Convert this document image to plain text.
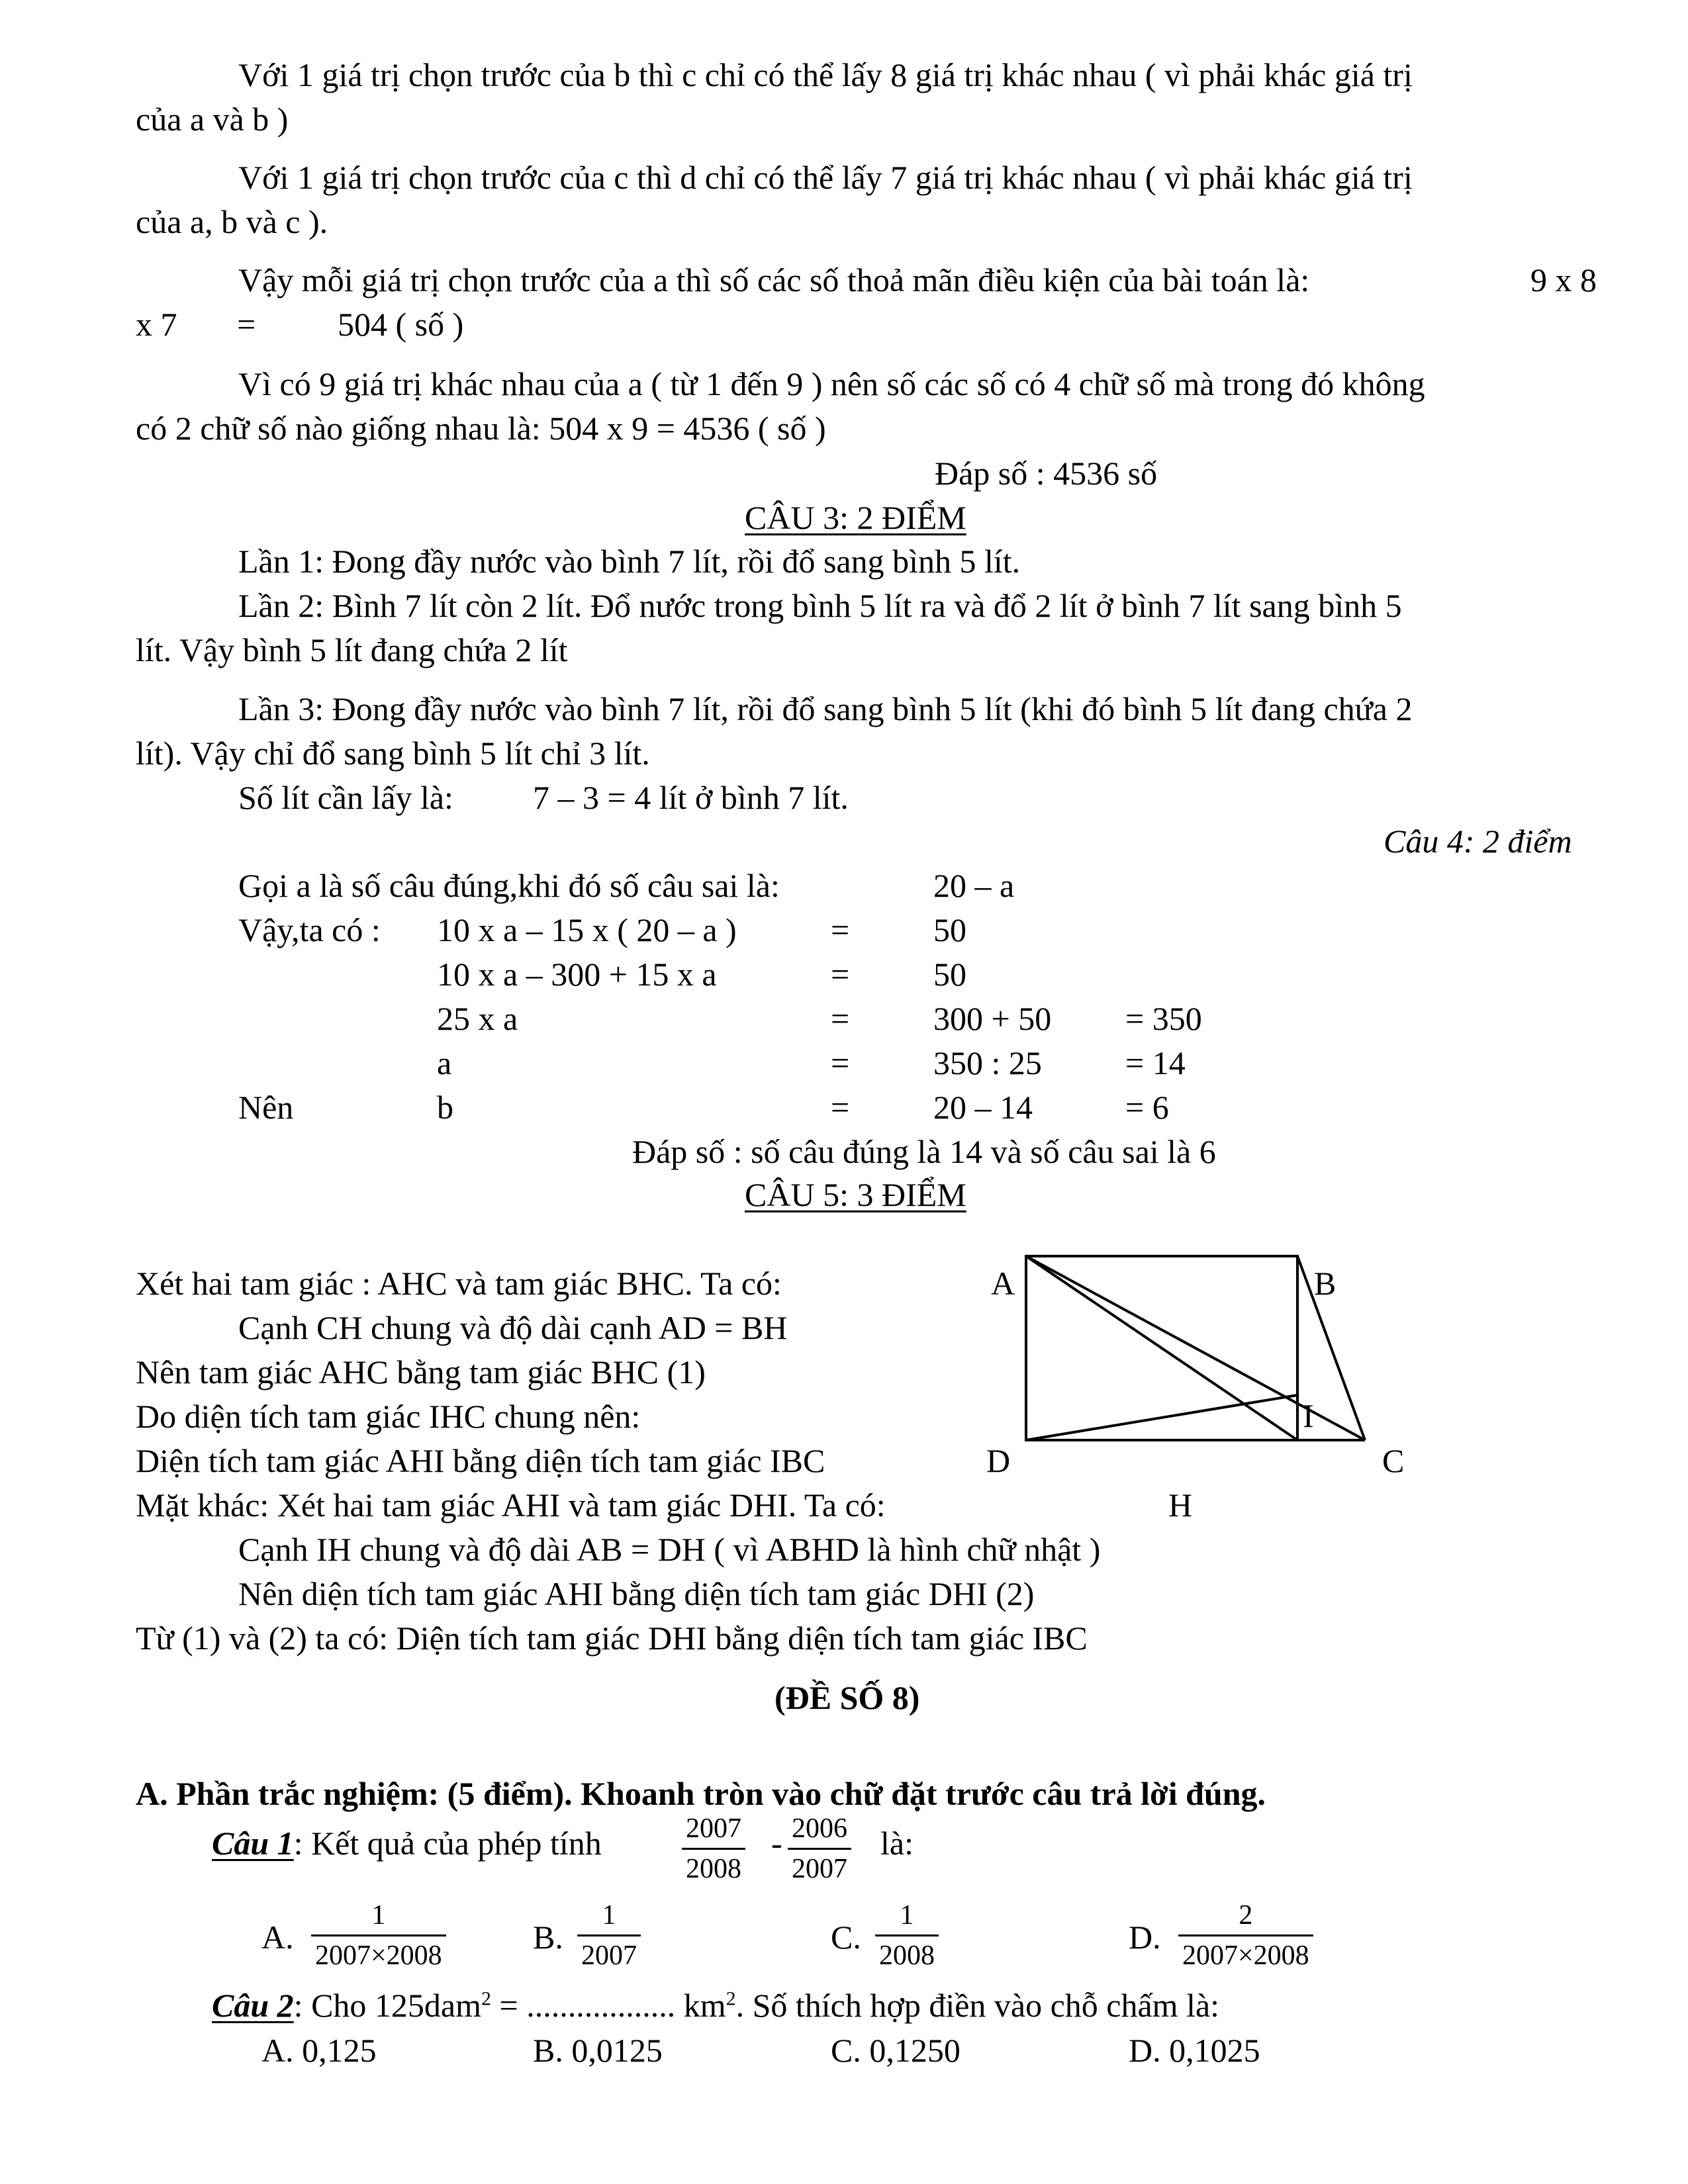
Với 1 giá trị chọn trước của b thì c chỉ có thể lấy 8 giá trị khác nhau ( vì phải khác giá trị
của a và b )
Với 1 giá trị chọn trước của c thì d chỉ có thể lấy 7 giá trị khác nhau ( vì phải khác giá trị
của a, b và c ).
Vậy mỗi giá trị chọn trước của a thì số các số thoả mãn điều kiện của bài toán là:	9 x 8
x 7 = 504 ( số )
Vì có 9 giá trị khác nhau của a ( từ 1 đến 9 ) nên số các số có 4 chữ số mà trong đó không
có 2 chữ số nào giống nhau là: 504 x 9 = 4536 ( số )
Đáp số : 4536 số
CÂU 3: 2 ĐIỂM
Lần 1: Đong đầy nước vào bình 7 lít, rồi đổ sang bình 5 lít.
Lần 2: Bình 7 lít còn 2 lít. Đổ nước trong bình 5 lít ra và đổ 2 lít ở bình 7 lít sang bình 5
lít. Vậy bình 5 lít đang chứa 2 lít
Lần 3: Đong đầy nước vào bình 7 lít, rồi đổ sang bình 5 lít (khi đó bình 5 lít đang chứa 2
lít). Vậy chỉ đổ sang bình 5 lít chỉ 3 lít.
Số lít cần lấy là: 7 – 3 = 4 lít ở bình 7 lít.
Câu 4: 2 điểm
Gọi a là số câu đúng,khi đó số câu sai là:	20 – a
Vậy,ta có : 10 x a – 15 x ( 20 – a )	=	50
10 x a – 300 + 15 x a	=	50
25 x a	=	300 + 50 = 350
a	=	350 : 25	= 14
Nên	b	=	20 – 14	= 6
Đáp số : số câu đúng là 14 và số câu sai là 6
CÂU 5: 3 ĐIỂM
Xét hai tam giác : AHC và tam giác BHC. Ta có:
Cạnh CH chung và độ dài cạnh AD = BH
Nên tam giác AHC bằng tam giác BHC (1)
Do diện tích tam giác IHC chung nên:
Diện tích tam giác AHI bằng diện tích tam giác IBC
Mặt khác: Xét hai tam giác AHI và tam giác DHI. Ta có:
Cạnh IH chung và độ dài AB = DH ( vì ABHD là hình chữ nhật )
Nên diện tích tam giác AHI bằng diện tích tam giác DHI (2)
Từ (1) và (2) ta có: Diện tích tam giác DHI bằng diện tích tam giác IBC
A	B
D	C
H
I
(ĐỀ SỐ 8)
A. Phần trắc nghiệm: (5 điểm). Khoanh tròn vào chữ đặt trước câu trả lời đúng.
Câu 1: Kết quả của phép tính	$\frac{2007}{2008} - \frac{2006}{2007}$ là:
A. $\frac{1}{2007\times 2008}$	B. $\frac{1}{2007}$	C. $\frac{1}{2008}$	D. $\frac{2}{2007\times 2008}$
Câu 2: Cho 125dam$^2$ = .................. $km^2$. Số thích hợp điền vào chỗ chấm là:
A. 0,125	B. 0,0125	C. 0,1250	D. 0,1025
